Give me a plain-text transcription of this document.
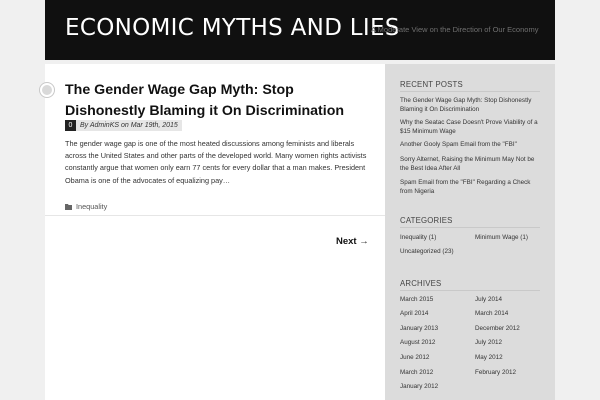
ECONOMIC MYTHS AND LIES
A Moderate View on the Direction of Our Economy
The Gender Wage Gap Myth: Stop Dishonestly Blaming it On Discrimination
0	By AdminKS on Mar 19th, 2015

The gender wage gap is one of the most heated discussions among feminists and liberals across the United States and other parts of the developed world. Many women rights activists constantly argue that women only earn 77 cents for every dollar that a man makes. President Obama is one of the advocates of equalizing pay…

Inequality
Next →
RECENT POSTS
The Gender Wage Gap Myth: Stop Dishonestly Blaming it On Discrimination
Why the Seatac Case Doesn't Prove Viability of a $15 Minimum Wage
Another Gooly Spam Email from the "FBI"
Sorry Alternet, Raising the Minimum May Not be the Best Idea After All
Spam Email from the "FBI" Regarding a Check from Nigeria
CATEGORIES
Inequality (1)	Minimum Wage (1)
Uncategorized (23)
ARCHIVES
March 2015	July 2014
April 2014	March 2014
January 2013	December 2012
August 2012	July 2012
June 2012	May 2012
March 2012	February 2012
January 2012
